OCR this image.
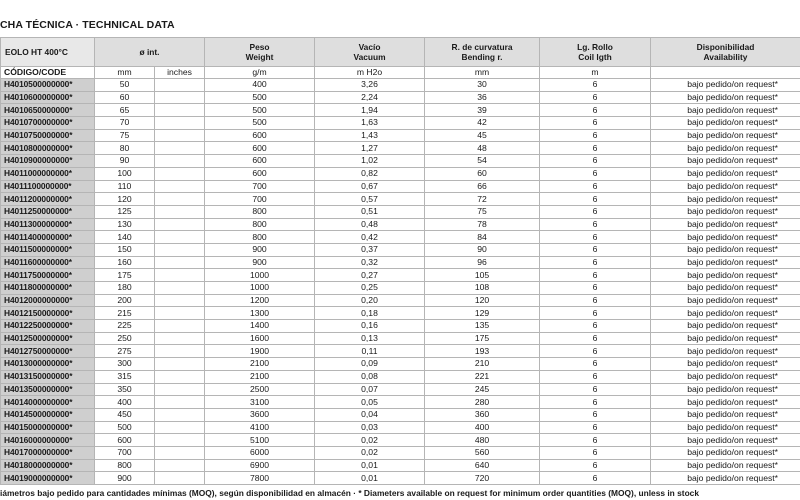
CHA TÉCNICA · TECHNICAL DATA
EOLO HT 400°C	ø int.		Peso
Weight	Vacío
Vacuum	R. de curvatura
Bending r.	Lg. Rollo
Coil lgth	Disponibilidad
Availability
CÓDIGO/CODE	mm	inches	g/m	m H2o	mm	m	
H4010500000000*	50		400	3,26	30	6	bajo pedido/on request*
H4010600000000*	60		500	2,24	36	6	bajo pedido/on request*
H4010650000000*	65		500	1,94	39	6	bajo pedido/on request*
H4010700000000*	70		500	1,63	42	6	bajo pedido/on request*
H4010750000000*	75		600	1,43	45	6	bajo pedido/on request*
H4010800000000*	80		600	1,27	48	6	bajo pedido/on request*
H4010900000000*	90		600	1,02	54	6	bajo pedido/on request*
H4011000000000*	100		600	0,82	60	6	bajo pedido/on request*
H4011100000000*	110		700	0,67	66	6	bajo pedido/on request*
H4011200000000*	120		700	0,57	72	6	bajo pedido/on request*
H4011250000000*	125		800	0,51	75	6	bajo pedido/on request*
H4011300000000*	130		800	0,48	78	6	bajo pedido/on request*
H4011400000000*	140		800	0,42	84	6	bajo pedido/on request*
H4011500000000*	150		900	0,37	90	6	bajo pedido/on request*
H4011600000000*	160		900	0,32	96	6	bajo pedido/on request*
H4011750000000*	175		1000	0,27	105	6	bajo pedido/on request*
H4011800000000*	180		1000	0,25	108	6	bajo pedido/on request*
H4012000000000*	200		1200	0,20	120	6	bajo pedido/on request*
H4012150000000*	215		1300	0,18	129	6	bajo pedido/on request*
H4012250000000*	225		1400	0,16	135	6	bajo pedido/on request*
H4012500000000*	250		1600	0,13	175	6	bajo pedido/on request*
H4012750000000*	275		1900	0,11	193	6	bajo pedido/on request*
H4013000000000*	300		2100	0,09	210	6	bajo pedido/on request*
H4013150000000*	315		2100	0,08	221	6	bajo pedido/on request*
H4013500000000*	350		2500	0,07	245	6	bajo pedido/on request*
H4014000000000*	400		3100	0,05	280	6	bajo pedido/on request*
H4014500000000*	450		3600	0,04	360	6	bajo pedido/on request*
H4015000000000*	500		4100	0,03	400	6	bajo pedido/on request*
H4016000000000*	600		5100	0,02	480	6	bajo pedido/on request*
H4017000000000*	700		6000	0,02	560	6	bajo pedido/on request*
H4018000000000*	800		6900	0,01	640	6	bajo pedido/on request*
H4019000000000*	900		7800	0,01	720	6	bajo pedido/on request*
iámetros bajo pedido para cantidades mínimas (MOQ), según disponibilidad en almacén · * Diameters available on request for minimum order quantities (MOQ), unless in stock
